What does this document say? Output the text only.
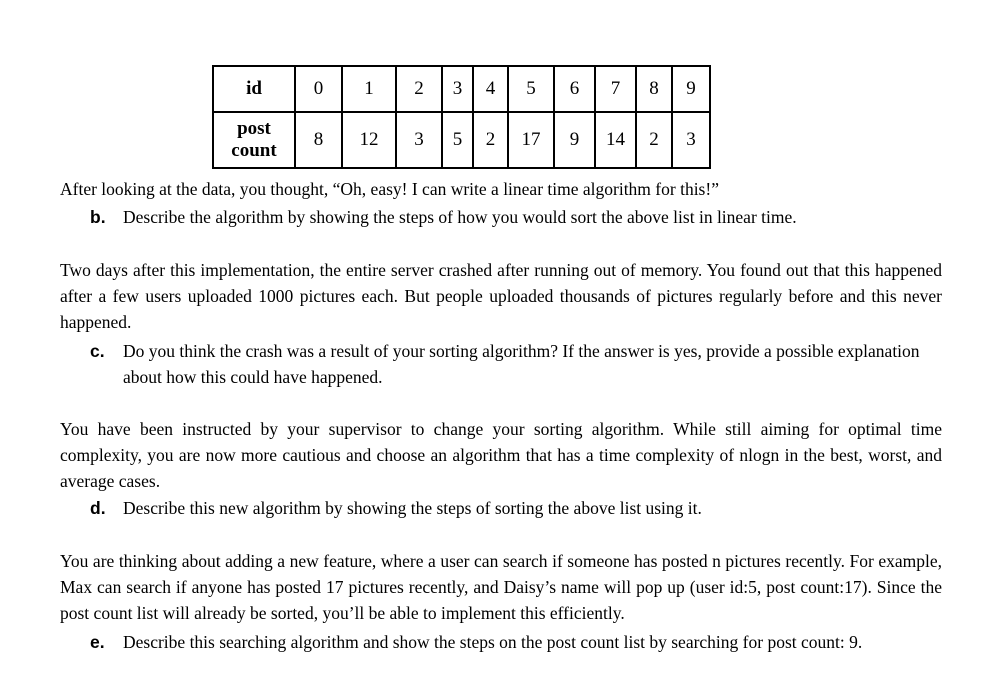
id	0	1	2	3	4	5	6	7	8	9
post
count	8	12	3	5	2	17	9	14	2	3

After looking at the data, you thought, “Oh, easy! I can write a linear time algorithm for this!”

b. Describe the algorithm by showing the steps of how you would sort the above list in linear time.

Two days after this implementation, the entire server crashed after running out of memory. You found out that this happened after a few users uploaded 1000 pictures each. But people uploaded thousands of pictures regularly before and this never happened.

c.	Do you think the crash was a result of your sorting algorithm? If the answer is yes, provide a possible explanation about how this could have happened.

You have been instructed by your supervisor to change your sorting algorithm. While still aiming for optimal time complexity, you are now more cautious and choose an algorithm that has a time complexity of nlogn in the best, worst, and average cases.

d. Describe this new algorithm by showing the steps of sorting the above list using it.

You are thinking about adding a new feature, where a user can search if someone has posted n pictures recently. For example, Max can search if anyone has posted 17 pictures recently, and Daisy’s name will pop up (user id:5, post count:17). Since the post count list will already be sorted, you’ll be able to implement this efficiently.

e.	Describe this searching algorithm and show the steps on the post count list by searching for post count: 9.
